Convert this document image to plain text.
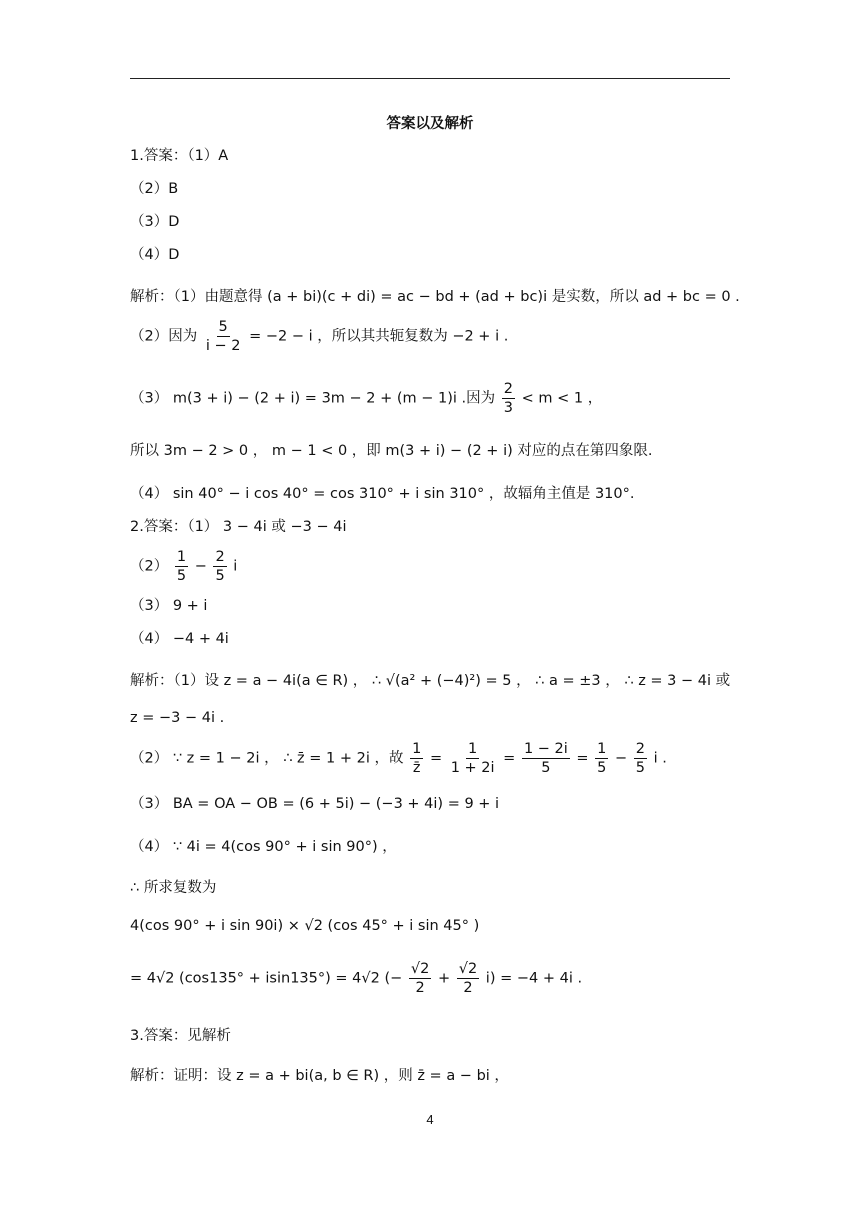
答案以及解析
1.答案：（1）A
（2）B
（3）D
（4）D
解析：（1）由题意得 (a + bi)(c + di) = ac − bd + (ad + bc)i 是实数，所以 ad + bc = 0 .
（2）因为 $\frac{5}{i - 2} = -2 - i$ ，所以其共轭复数为 −2 + i .
（3） m(3 + i) − (2 + i) = 3m − 2 + (m − 1)i .因为 $\frac{2}{3} < m < 1$ ，
所以 3m − 2 > 0 ， m − 1 < 0 ，即 m(3 + i) − (2 + i) 对应的点在第四象限.
（4） sin 40° − i cos 40° = cos 310° + i sin 310° ，故辐角主值是 310°.
2.答案：（1） 3 − 4i 或 −3 − 4i
$(2) \frac{1}{5} - \frac{2}{5}$ i
（3） 9 + i
（4） −4 + 4i
解析：（1）设 z = a − 4i(a ∈ R) ， ∴ √(a² + (−4)²) = 5 ， ∴ a = ±3 ， ∴ z = 3 − 4i 或
z = −3 − 4i .
（2） ∵ z = 1 − 2i ， ∴ z̄ = 1 + 2i ，故 $\frac{1}{z̄} = \frac{1}{1 + 2i} = \frac{1 - 2i}{5} = \frac{1}{5} - \frac{2}{5}$ i .
（3） BA = OA − OB = (6 + 5i) − (−3 + 4i) = 9 + i
（4） ∵ 4i = 4(cos 90° + i sin 90°) ，
∴ 所求复数为
4(cos 90° + i sin 90i) × √2 (cos 45° + i sin 45° )
= 4√2 (cos135° + isin135°) = 4√2 (− $\frac{√2}{2} + \frac{√2}{2} i) = -4 + 4i$ .
3.答案：见解析
解析：证明：设 z = a + bi(a, b ∈ R) ，则 z̄ = a − bi ，
4
